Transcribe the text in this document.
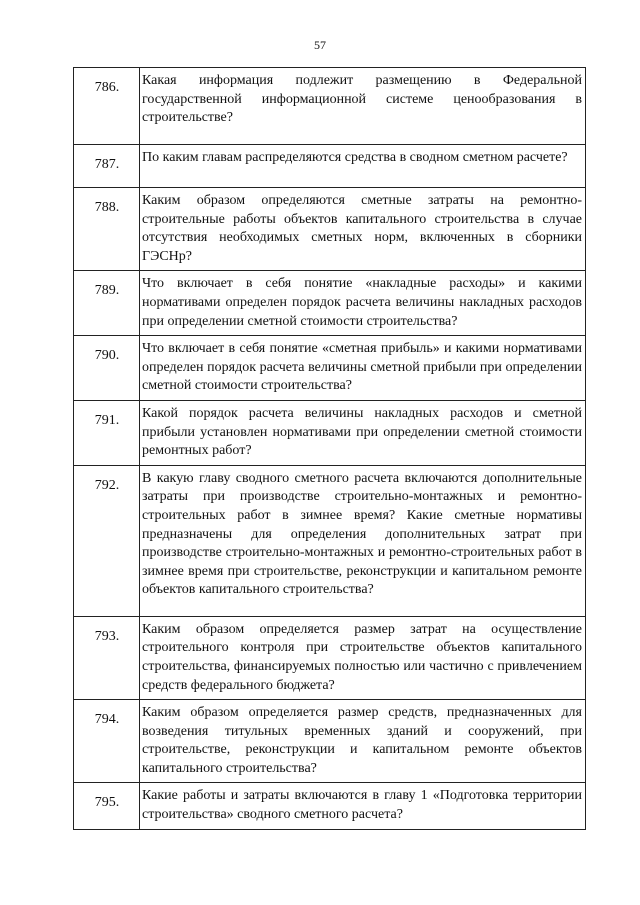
57
786.	Какая информация подлежит размещению в Федеральной государственной информационной системе ценообразования в строительстве?
787.	По каким главам распределяются средства в сводном сметном расчете?
788.	Каким образом определяются сметные затраты на ремонтно-строительные работы объектов капитального строительства в случае отсутствия необходимых сметных норм, включенных в сборники ГЭСНр?
789.	Что включает в себя понятие «накладные расходы» и какими нормативами определен порядок расчета величины накладных расходов при определении сметной стоимости строительства?
790.	Что включает в себя понятие «сметная прибыль» и какими нормативами определен порядок расчета величины сметной прибыли при определении сметной стоимости строительства?
791.	Какой порядок расчета величины накладных расходов и сметной прибыли установлен нормативами при определении сметной стоимости ремонтных работ?
792.	В какую главу сводного сметного расчета включаются дополнительные затраты при производстве строительно-монтажных и ремонтно-строительных работ в зимнее время? Какие сметные нормативы предназначены для определения дополнительных затрат при производстве строительно-монтажных и ремонтно-строительных работ в зимнее время при строительстве, реконструкции и капитальном ремонте объектов капитального строительства?
793.	Каким образом определяется размер затрат на осуществление строительного контроля при строительстве объектов капитального строительства, финансируемых полностью или частично с привлечением средств федерального бюджета?
794.	Каким образом определяется размер средств, предназначенных для возведения титульных временных зданий и сооружений, при строительстве, реконструкции и капитальном ремонте объектов капитального строительства?
795.	Какие работы и затраты включаются в главу 1 «Подготовка территории строительства» сводного сметного расчета?
